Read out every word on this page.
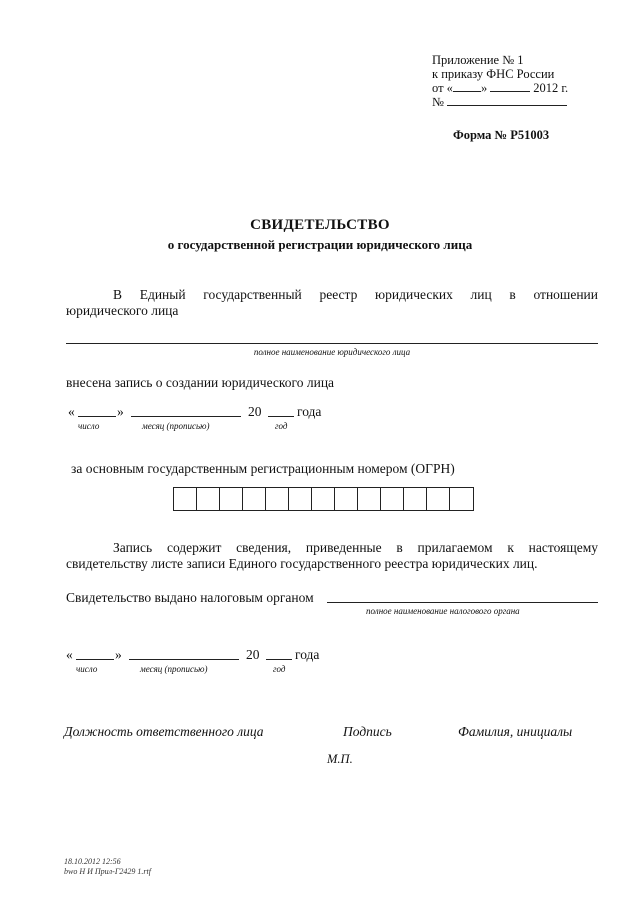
Приложение № 1
к приказу ФНС России
от « »	2012 г.
№
Форма № Р51003
СВИДЕТЕЛЬСТВО
о государственной регистрации юридического лица
В Единый государственный реестр юридических лиц в отношении
юридического лица
полное наименование юридического лица
внесена запись о создании юридического лица
«	»	20	года
число	месяц (прописью)	год
за основным государственным регистрационным номером (ОГРН)
Запись содержит сведения, приведенные в прилагаемом к настоящему
свидетельству листе записи Единого государственного реестра юридических лиц.
Свидетельство выдано налоговым органом
полное наименование налогового органа
«	»	20	года
число	месяц (прописью)	год
Должность ответственного лица	Подпись	Фамилия, инициалы
М.П.
18.10.2012 12:56
bwo Н И Прил-Г2429 1.rtf
